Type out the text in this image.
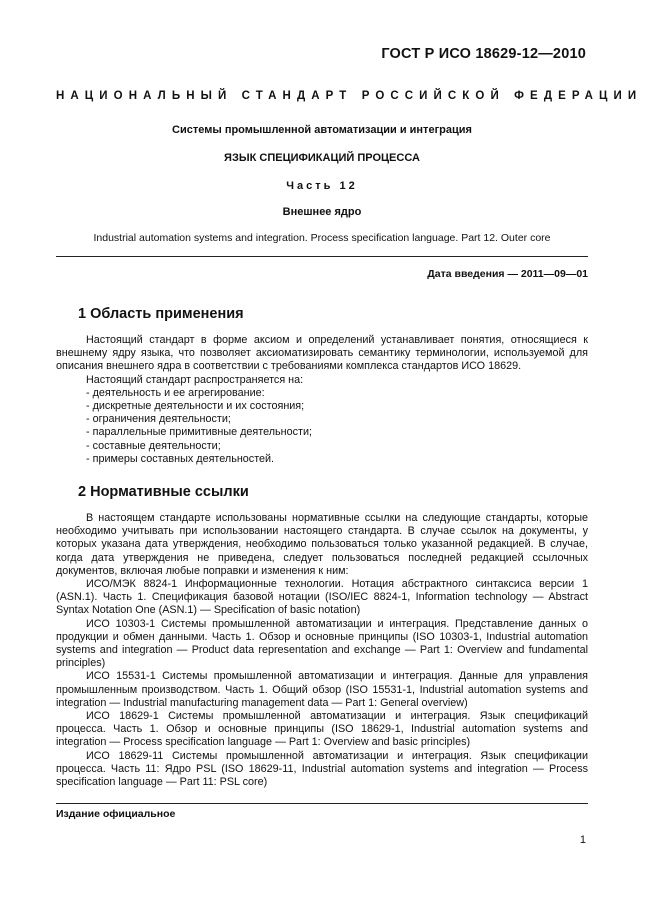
ГОСТ Р ИСО 18629-12—2010
НАЦИОНАЛЬНЫЙ СТАНДАРТ РОССИЙСКОЙ ФЕДЕРАЦИИ
Системы промышленной автоматизации и интеграция
ЯЗЫК СПЕЦИФИКАЦИЙ ПРОЦЕССА
Часть 12
Внешнее ядро
Industrial automation systems and integration. Process specification language. Part 12. Outer core
Дата введения — 2011—09—01
1 Область применения

Настоящий стандарт в форме аксиом и определений устанавливает понятия, относящиеся к внешнему ядру языка, что позволяет аксиоматизировать семантику терминологии, используемой для описания внешнего ядра в соответствии с требованиями комплекса стандартов ИСО 18629.

Настоящий стандарт распространяется на:

- деятельность и ее агрегирование:

- дискретные деятельности и их состояния;

- ограничения деятельности;

- параллельные примитивные деятельности;

- составные деятельности;

- примеры составных деятельностей.

2 Нормативные ссылки

В настоящем стандарте использованы нормативные ссылки на следующие стандарты, которые необходимо учитывать при использовании настоящего стандарта. В случае ссылок на документы, у которых указана дата утверждения, необходимо пользоваться только указанной редакцией. В случае, когда дата утверждения не приведена, следует пользоваться последней редакцией ссылочных документов, включая любые поправки и изменения к ним:

ИСО/МЭК 8824-1 Информационные технологии. Нотация абстрактного синтаксиса версии 1 (ASN.1). Часть 1. Спецификация базовой нотации (ISO/IEC 8824-1, Information technology — Abstract Syntax Notation One (ASN.1) — Specification of basic notation)

ИСО 10303-1 Системы промышленной автоматизации и интеграция. Представление данных о продукции и обмен данными. Часть 1. Обзор и основные принципы (ISO 10303-1, Industrial automation systems and integration — Product data representation and exchange — Part 1: Overview and fundamental principles)

ИСО 15531-1 Системы промышленной автоматизации и интеграция. Данные для управления промышленным производством. Часть 1. Общий обзор (ISO 15531-1, Industrial automation systems and integration — Industrial manufacturing management data — Part 1: General overview)

ИСО 18629-1 Системы промышленной автоматизации и интеграция. Язык спецификаций процесса. Часть 1. Обзор и основные принципы (ISO 18629-1, Industrial automation systems and integration — Process specification language — Part 1: Overview and basic principles)

ИСО 18629-11 Системы промышленной автоматизации и интеграция. Язык спецификации процесса. Часть 11: Ядро PSL (ISO 18629-11, Industrial automation systems and integration — Process specification language — Part 11: PSL core)

Издание официальное
1
